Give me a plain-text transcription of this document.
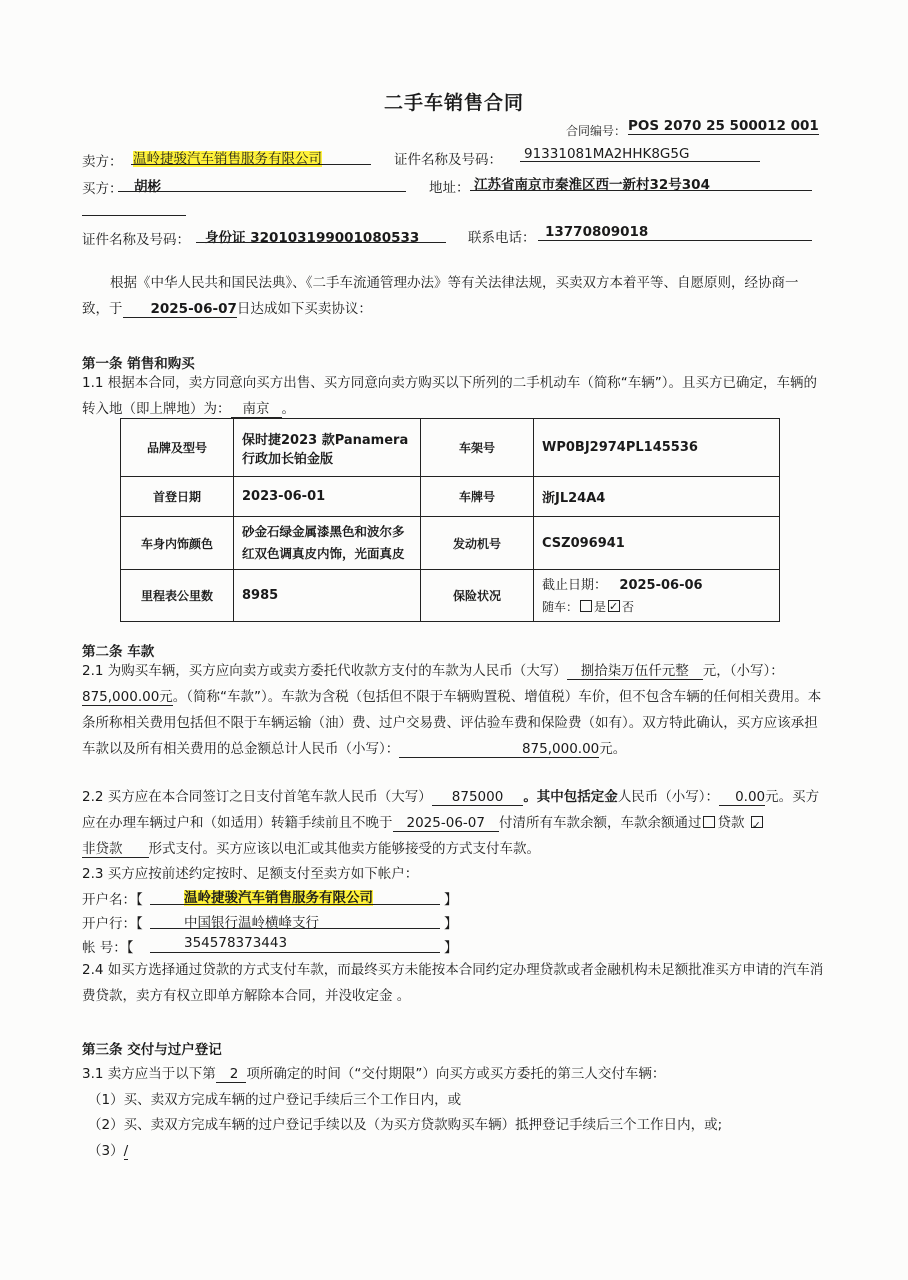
二手车销售合同
合同编号： POS 2070 25 500012 001
卖方： 温岭捷骏汽车销售服务有限公司	证件名称及号码： 91331081MA2HHK8G5G
买方： 胡彬	地址： 江苏省南京市秦淮区西一新村32号304
证件名称及号码： 身份证 320103199001080533	联系电话： 13770809018
根据《中华人民共和国民法典》、《二手车流通管理办法》等有关法律法规，买卖双方本着平等、自愿原则，经协商一致，于 2025-06-07日达成如下买卖协议：
第一条 销售和购买
1.1 根据本合同，卖方同意向买方出售、买方同意向卖方购买以下所列的二手机动车（简称“车辆”）。且买方已确定，车辆的转入地（即上牌地）为： 南京 。
品牌及型号	保时捷2023 款Panamera 行政加长铂金版	车架号	WP0BJ2974PL145536
首登日期	2023-06-01	车牌号	浙JL24A4
车身内饰颜色	砂金石绿金属漆黑色和波尔多红双色调真皮内饰，光面真皮	发动机号	CSZ096941
里程表公里数	8985	保险状况	截止日期： 2025-06-06
随车： 是 ✓ 否
第二条 车款
2.1 为购买车辆，买方应向卖方或卖方委托代收款方支付的车款为人民币（大写） 捌拾柒万伍仟元整 元，（小写）：875,000.00元。（简称“车款”）。车款为含税（包括但不限于车辆购置税、增值税）车价，但不包含车辆的任何相关费用。本条所称相关费用包括但不限于车辆运输（油）费、过户交易费、评估验车费和保险费（如有）。双方特此确认，买方应该承担车款以及所有相关费用的总金额总计人民币（小写）：	875,000.00元。
2.2 买方应在本合同签订之日支付首笔车款人民币（大写） 875000 。其中包括定金人民币（小写）： 0.00元。买方应在办理车辆过户和（如适用）转籍手续前且不晚于 2025-06-07 付清所有车款余额，车款余额通过 贷款 ✓非贷款 形式支付。买方应该以电汇或其他卖方能够接受的方式支付车款。
2.3 买方应按前述约定按时、足额支付至卖方如下帐户：
开户名：【	温岭捷骏汽车销售服务有限公司	】
开户行：【	中国银行温岭横峰支行	】
帐 号：【	354578373443	】
2.4 如买方选择通过贷款的方式支付车款，而最终买方未能按本合同约定办理贷款或者金融机构未足额批准买方申请的汽车消费贷款，卖方有权立即单方解除本合同，并没收定金 。
第三条 交付与过户登记
3.1 卖方应当于以下第 2 项所确定的时间（“交付期限”）向买方或买方委托的第三人交付车辆：
（1）买、卖双方完成车辆的过户登记手续后三个工作日内，或
（2）买、卖双方完成车辆的过户登记手续以及（为买方贷款购买车辆）抵押登记手续后三个工作日内，或;
（3）/
